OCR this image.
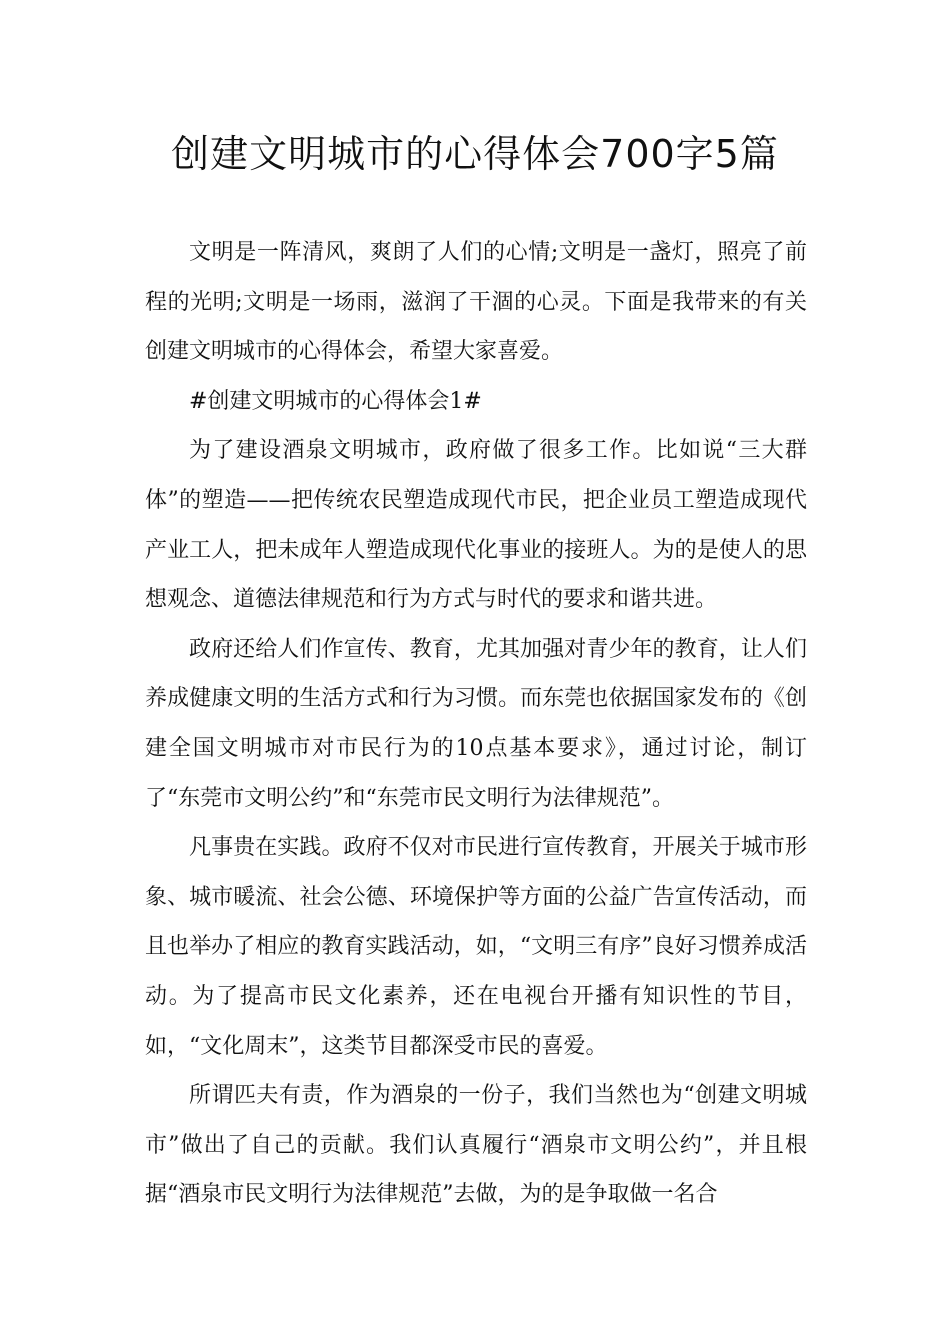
创建文明城市的心得体会700字5篇

文明是一阵清风，爽朗了人们的心情;文明是一盏灯，照亮了前程的光明;文明是一场雨，滋润了干涸的心灵。下面是我带来的有关创建文明城市的心得体会，希望大家喜爱。

#创建文明城市的心得体会1#

为了建设酒泉文明城市，政府做了很多工作。比如说“三大群体”的塑造——把传统农民塑造成现代市民，把企业员工塑造成现代产业工人，把未成年人塑造成现代化事业的接班人。为的是使人的思想观念、道德法律规范和行为方式与时代的要求和谐共进。

政府还给人们作宣传、教育，尤其加强对青少年的教育，让人们养成健康文明的生活方式和行为习惯。而东莞也依据国家发布的《创建全国文明城市对市民行为的10点基本要求》，通过讨论，制订了“东莞市文明公约”和“东莞市民文明行为法律规范”。

凡事贵在实践。政府不仅对市民进行宣传教育，开展关于城市形象、城市暖流、社会公德、环境保护等方面的公益广告宣传活动，而且也举办了相应的教育实践活动，如，“文明三有序”良好习惯养成活动。为了提高市民文化素养，还在电视台开播有知识性的节目，如，“文化周末”，这类节目都深受市民的喜爱。

所谓匹夫有责，作为酒泉的一份子，我们当然也为“创建文明城市”做出了自己的贡献。我们认真履行“酒泉市文明公约”，并且根据“酒泉市民文明行为法律规范”去做，为的是争取做一名合
